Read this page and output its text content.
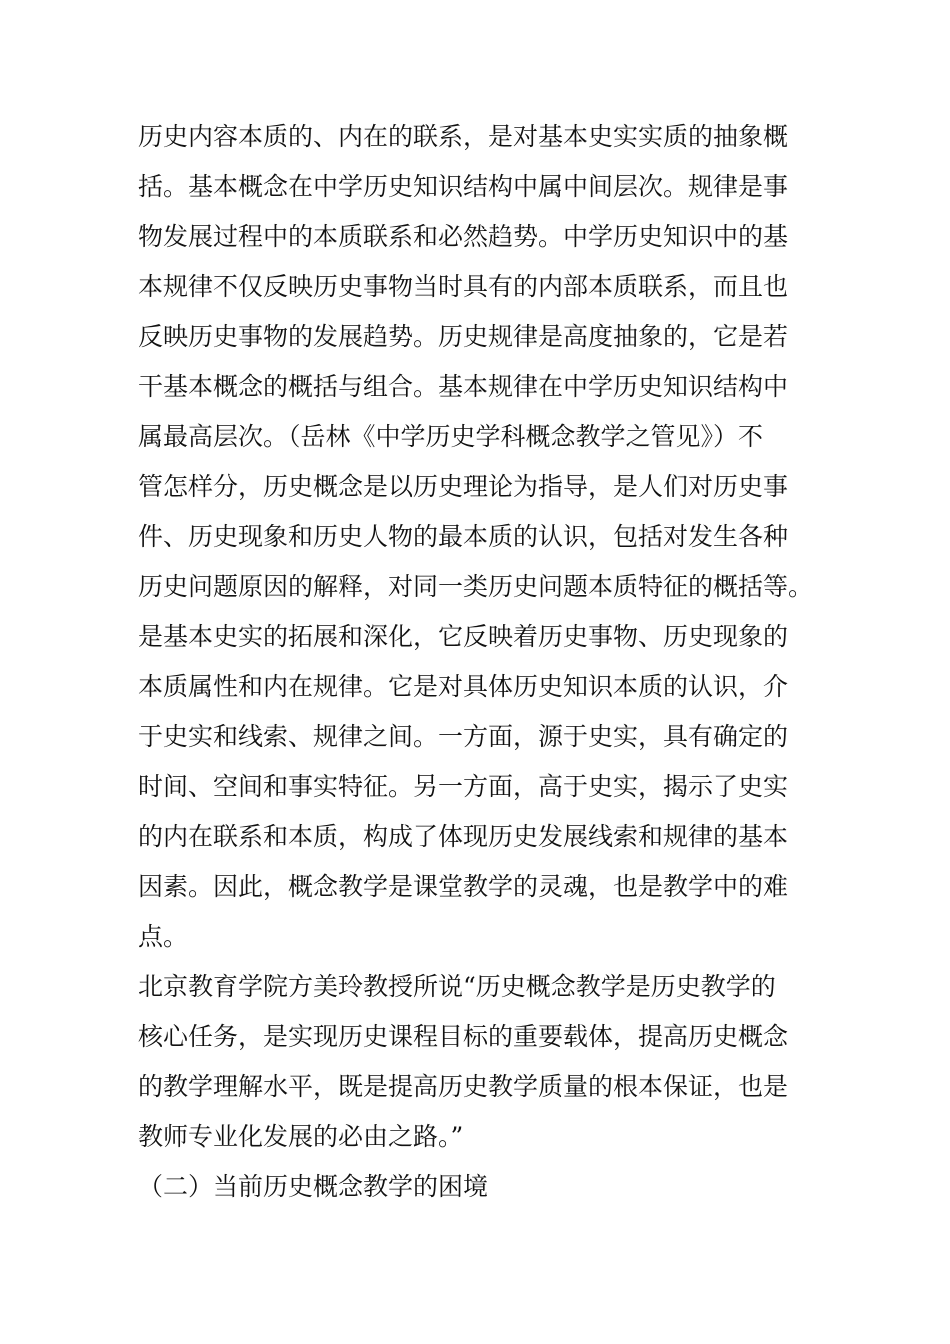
历史内容本质的、内在的联系，是对基本史实实质的抽象概
括。基本概念在中学历史知识结构中属中间层次。规律是事
物发展过程中的本质联系和必然趋势。中学历史知识中的基
本规律不仅反映历史事物当时具有的内部本质联系，而且也
反映历史事物的发展趋势。历史规律是高度抽象的，它是若
干基本概念的概括与组合。基本规律在中学历史知识结构中
属最高层次。（岳林《中学历史学科概念教学之管见》）不
管怎样分，历史概念是以历史理论为指导，是人们对历史事
件、历史现象和历史人物的最本质的认识，包括对发生各种
历史问题原因的解释，对同一类历史问题本质特征的概括等。
是基本史实的拓展和深化，它反映着历史事物、历史现象的
本质属性和内在规律。它是对具体历史知识本质的认识，介
于史实和线索、规律之间。一方面，源于史实，具有确定的
时间、空间和事实特征。另一方面，高于史实，揭示了史实
的内在联系和本质，构成了体现历史发展线索和规律的基本
因素。因此，概念教学是课堂教学的灵魂，也是教学中的难
点。
北京教育学院方美玲教授所说“历史概念教学是历史教学的
核心任务，是实现历史课程目标的重要载体，提高历史概念
的教学理解水平，既是提高历史教学质量的根本保证，也是
教师专业化发展的必由之路。”
（二）当前历史概念教学的困境
